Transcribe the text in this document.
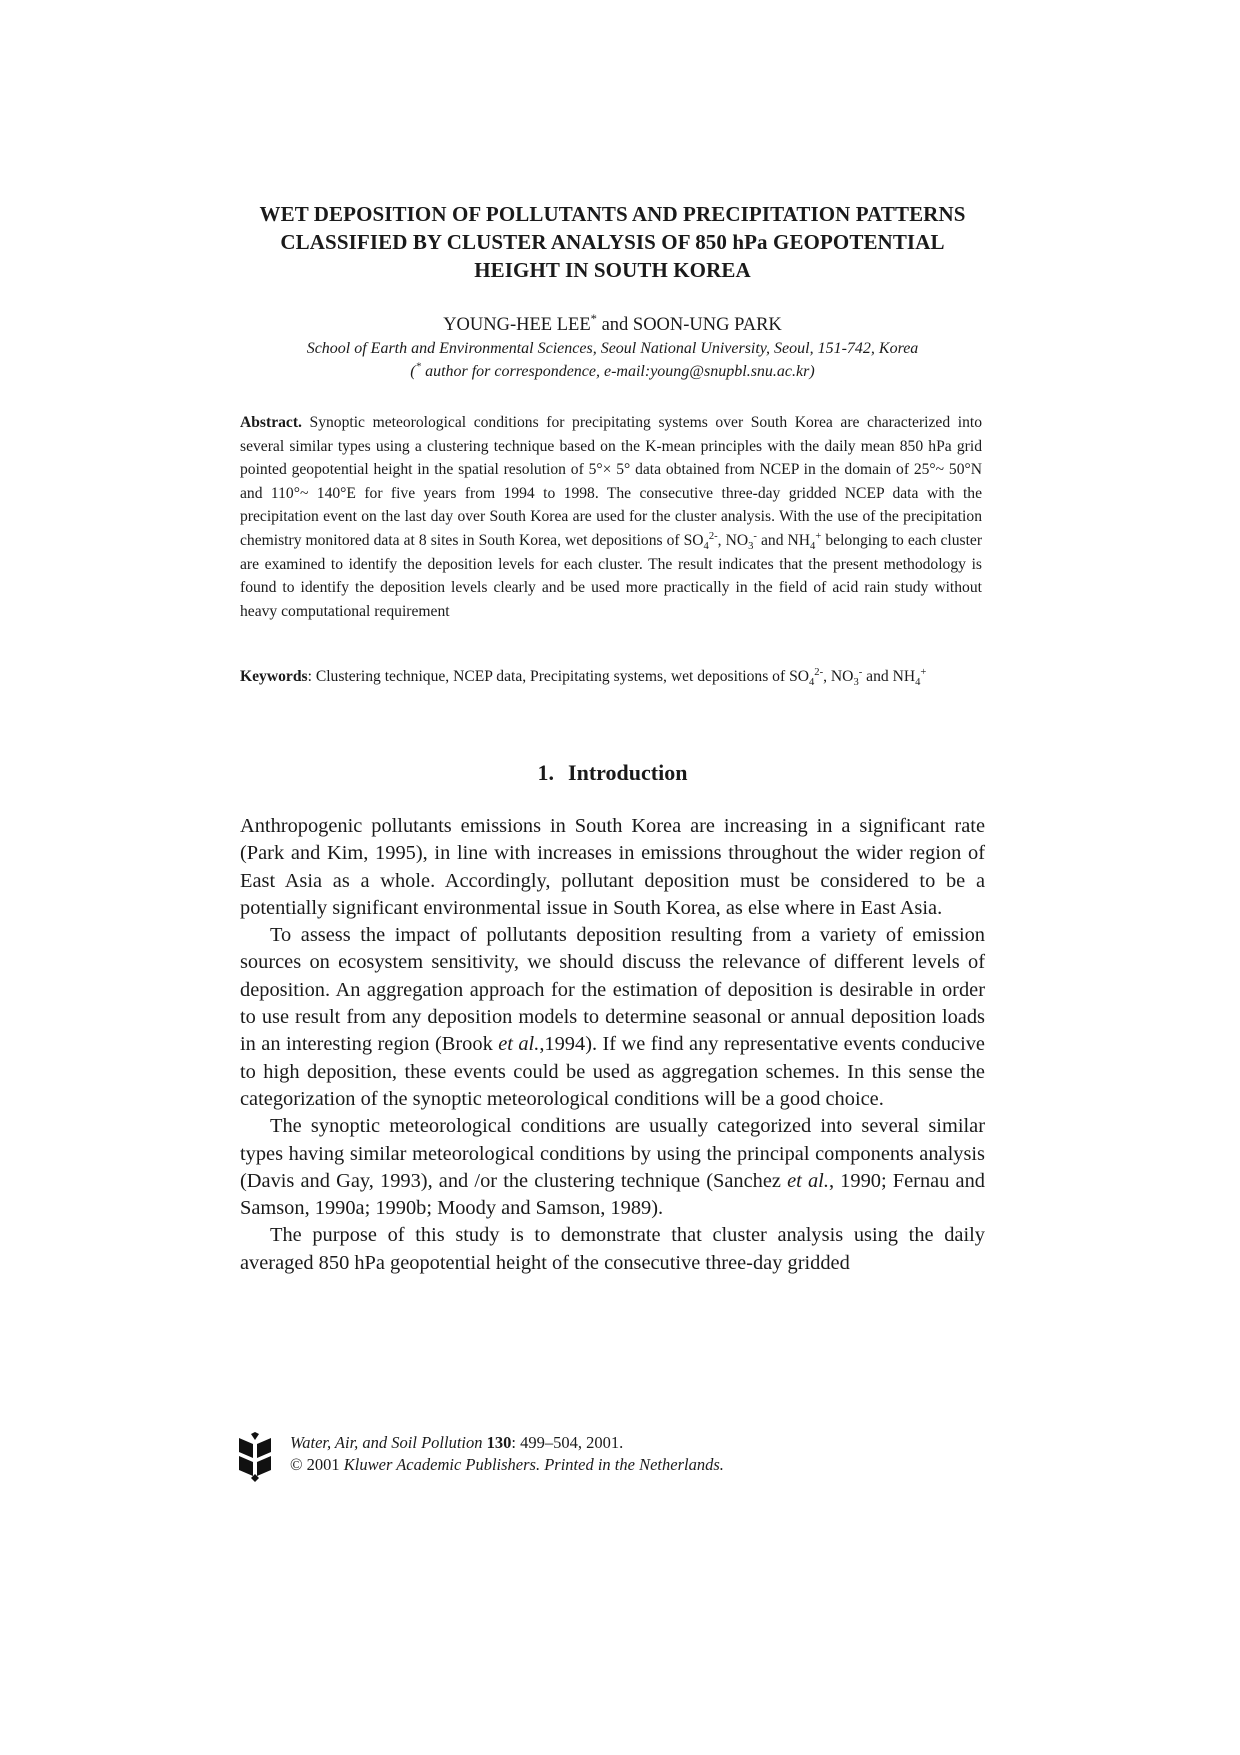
WET DEPOSITION OF POLLUTANTS AND PRECIPITATION PATTERNS CLASSIFIED BY CLUSTER ANALYSIS OF 850 hPa GEOPOTENTIAL HEIGHT IN SOUTH KOREA
YOUNG-HEE LEE* and SOON-UNG PARK
School of Earth and Environmental Sciences, Seoul National University, Seoul, 151-742, Korea
(* author for correspondence, e-mail:young@snupbl.snu.ac.kr)
Abstract. Synoptic meteorological conditions for precipitating systems over South Korea are characterized into several similar types using a clustering technique based on the K-mean principles with the daily mean 850 hPa grid pointed geopotential height in the spatial resolution of 5°× 5° data obtained from NCEP in the domain of 25°~ 50°N and 110°~ 140°E for five years from 1994 to 1998. The consecutive three-day gridded NCEP data with the precipitation event on the last day over South Korea are used for the cluster analysis. With the use of the precipitation chemistry monitored data at 8 sites in South Korea, wet depositions of $SO_4^{2-}$, $NO_3^-$ and $NH_4^+$ belonging to each cluster are examined to identify the deposition levels for each cluster. The result indicates that the present methodology is found to identify the deposition levels clearly and be used more practically in the field of acid rain study without heavy computational requirement
Keywords: Clustering technique, NCEP data, Precipitating systems, wet depositions of $SO_4^{2-}$, $NO_3^-$ and $NH_4^+$
1. Introduction

Anthropogenic pollutants emissions in South Korea are increasing in a significant rate (Park and Kim, 1995), in line with increases in emissions throughout the wider region of East Asia as a whole. Accordingly, pollutant deposition must be considered to be a potentially significant environmental issue in South Korea, as else where in East Asia.

To assess the impact of pollutants deposition resulting from a variety of emission sources on ecosystem sensitivity, we should discuss the relevance of different levels of deposition. An aggregation approach for the estimation of deposition is desirable in order to use result from any deposition models to determine seasonal or annual deposition loads in an interesting region (Brook et al.,1994). If we find any representative events conducive to high deposition, these events could be used as aggregation schemes. In this sense the categorization of the synoptic meteorological conditions will be a good choice.

The synoptic meteorological conditions are usually categorized into several similar types having similar meteorological conditions by using the principal components analysis (Davis and Gay, 1993), and /or the clustering technique (Sanchez et al., 1990; Fernau and Samson, 1990a; 1990b; Moody and Samson, 1989).

The purpose of this study is to demonstrate that cluster analysis using the daily averaged 850 hPa geopotential height of the consecutive three-day gridded

Water, Air, and Soil Pollution 130: 499–504, 2001.
© 2001 Kluwer Academic Publishers. Printed in the Netherlands.
